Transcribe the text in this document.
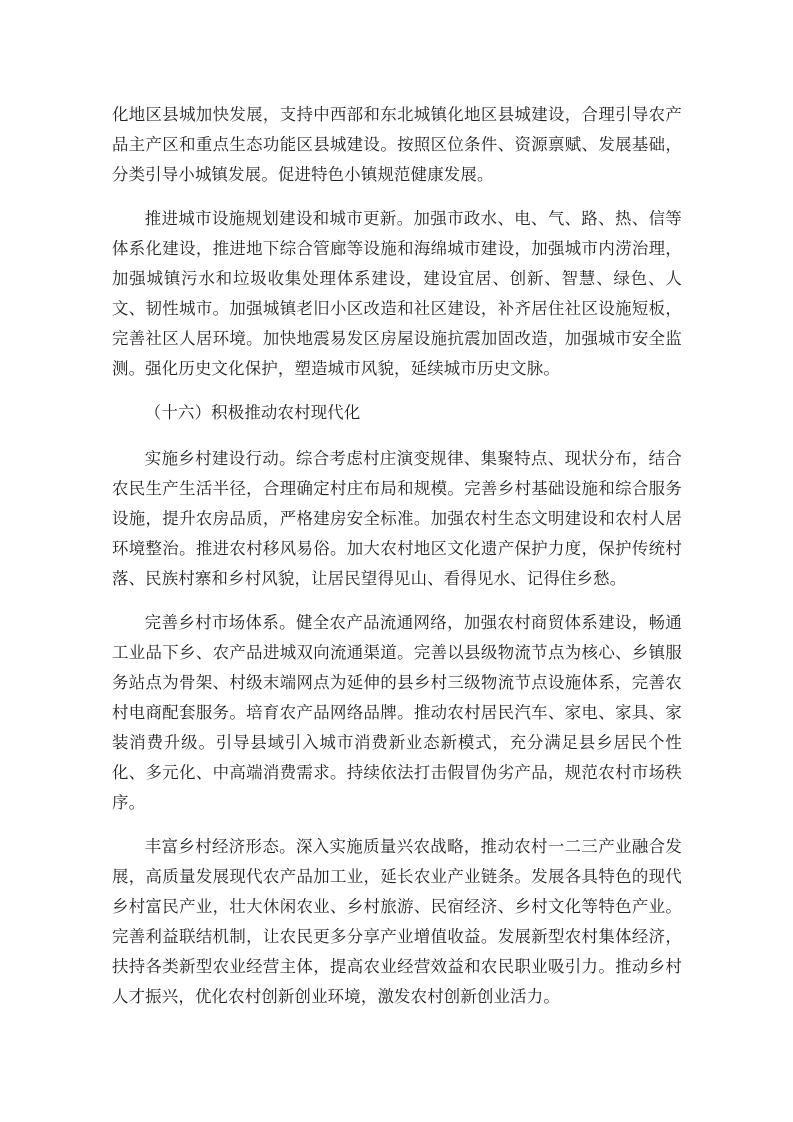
化地区县城加快发展，支持中西部和东北城镇化地区县城建设，合理引导农产品主产区和重点生态功能区县城建设。按照区位条件、资源禀赋、发展基础，分类引导小城镇发展。促进特色小镇规范健康发展。

推进城市设施规划建设和城市更新。加强市政水、电、气、路、热、信等体系化建设，推进地下综合管廊等设施和海绵城市建设，加强城市内涝治理，加强城镇污水和垃圾收集处理体系建设，建设宜居、创新、智慧、绿色、人文、韧性城市。加强城镇老旧小区改造和社区建设，补齐居住社区设施短板，完善社区人居环境。加快地震易发区房屋设施抗震加固改造，加强城市安全监测。强化历史文化保护，塑造城市风貌，延续城市历史文脉。

（十六）积极推动农村现代化

实施乡村建设行动。综合考虑村庄演变规律、集聚特点、现状分布，结合农民生产生活半径，合理确定村庄布局和规模。完善乡村基础设施和综合服务设施，提升农房品质，严格建房安全标准。加强农村生态文明建设和农村人居环境整治。推进农村移风易俗。加大农村地区文化遗产保护力度，保护传统村落、民族村寨和乡村风貌，让居民望得见山、看得见水、记得住乡愁。

完善乡村市场体系。健全农产品流通网络，加强农村商贸体系建设，畅通工业品下乡、农产品进城双向流通渠道。完善以县级物流节点为核心、乡镇服务站点为骨架、村级末端网点为延伸的县乡村三级物流节点设施体系，完善农村电商配套服务。培育农产品网络品牌。推动农村居民汽车、家电、家具、家装消费升级。引导县域引入城市消费新业态新模式，充分满足县乡居民个性化、多元化、中高端消费需求。持续依法打击假冒伪劣产品，规范农村市场秩序。

丰富乡村经济形态。深入实施质量兴农战略，推动农村一二三产业融合发展，高质量发展现代农产品加工业，延长农业产业链条。发展各具特色的现代乡村富民产业，壮大休闲农业、乡村旅游、民宿经济、乡村文化等特色产业。完善利益联结机制，让农民更多分享产业增值收益。发展新型农村集体经济，扶持各类新型农业经营主体，提高农业经营效益和农民职业吸引力。推动乡村人才振兴，优化农村创新创业环境，激发农村创新创业活力。
